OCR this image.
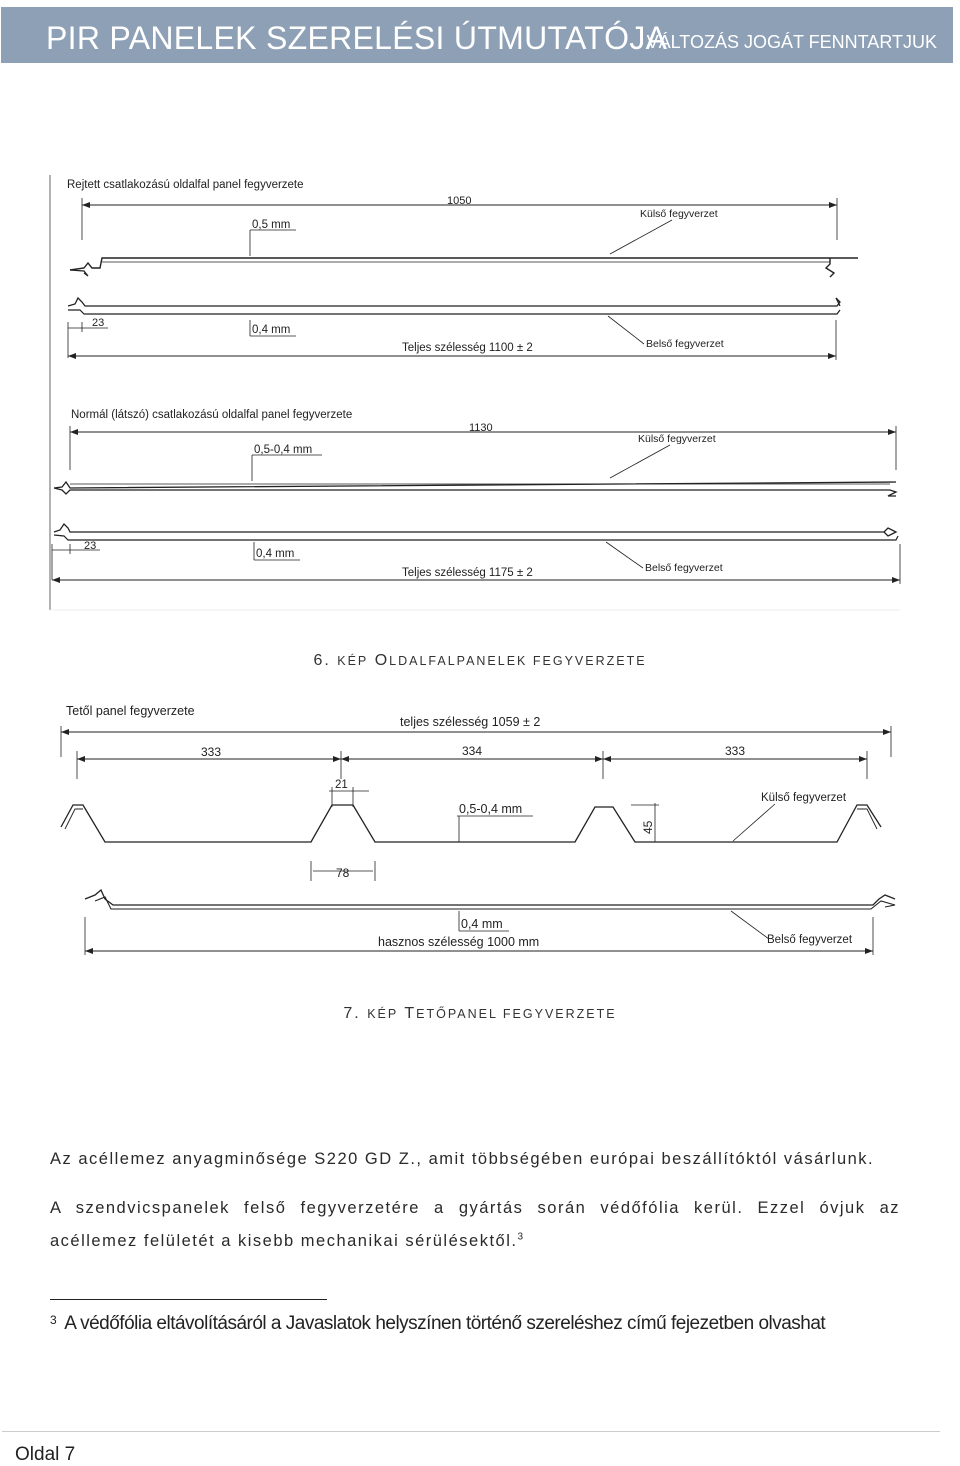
PIR PANELEK SZERELÉSI ÚTMUTATÓJA
VÁLTOZÁS JOGÁT FENNTARTJUK
Rejtett csatlakozású oldalfal panel fegyverzete
1050
0,5 mm
Külső fegyverzet
23
0,4 mm
Teljes szélesség 1100 ± 2	Belső fegyverzet
Normál (látszó) csatlakozású oldalfal panel fegyverzete
1130
0,5-0,4 mm
Külső fegyverzet
23
0,4 mm
Teljes szélesség 1175 ± 2	Belső fegyverzet
6. KÉP OLDALFALPANELEK FEGYVERZETE
Tetől panel fegyverzete
teljes szélesség 1059 ± 2
333	334	333
21
0,5-0,4 mm
45
Külső fegyverzet
78
0,4 mm
hasznos szélesség 1000 mm	Belső fegyverzet
7. KÉP TETŐPANEL FEGYVERZETE
Az acéllemez anyagminősége S220 GD Z., amit többségében európai beszállítóktól vásárlunk.
A szendvicspanelek felső fegyverzetére a gyártás során védőfólia kerül. Ezzel óvjuk az acéllemez felületét a kisebb mechanikai sérülésektől.$^3$
$^3$ A védőfólia eltávolításáról a Javaslatok helyszínen történő szereléshez című fejezetben olvashat
Oldal 7
